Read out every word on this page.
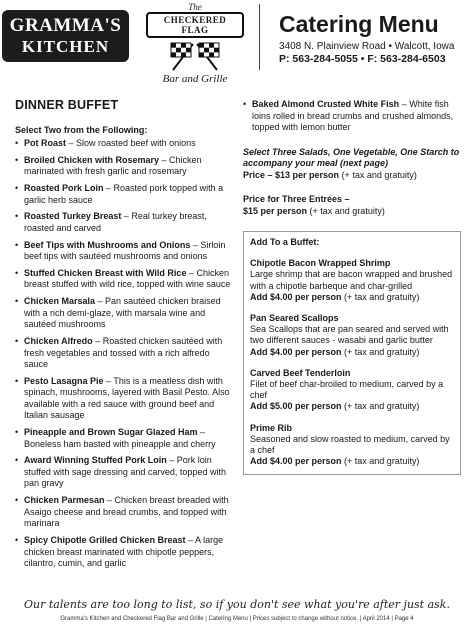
GRAMMA'S
KITCHEN
The
CHECKERED FLAG
Bar and Grille
Catering Menu
3408 N. Plainview Road • Walcott, Iowa
P: 563-284-5055 • F: 563-284-6503
DINNER BUFFET
Select Two from the Following:
• Pot Roast – Slow roasted beef with onions
• Broiled Chicken with Rosemary – Chicken marinated with fresh garlic and rosemary
• Roasted Pork Loin – Roasted pork topped with a garlic herb sauce
• Roasted Turkey Breast – Real turkey breast, roasted and carved
• Beef Tips with Mushrooms and Onions – Sirloin beef tips with sautéed mushrooms and onions
• Stuffed Chicken Breast with Wild Rice – Chicken breast stuffed with wild rice, topped with wine sauce
• Chicken Marsala – Pan sautéed chicken braised with a rich demi-glaze, with marsala wine and sautéed mushrooms
• Chicken Alfredo – Roasted chicken sautéed with fresh vegetables and tossed with a rich alfredo sauce
• Pesto Lasagna Pie – This is a meatless dish with spinach, mushrooms, layered with Basil Pesto. Also available with a red sauce with ground beef and Italian sausage
• Pineapple and Brown Sugar Glazed Ham – Boneless ham basted with pineapple and cherry
• Award Winning Stuffed Pork Loin – Pork loin stuffed with sage dressing and carved, topped with pan gravy
• Chicken Parmesan – Chicken breast breaded with Asaigo cheese and bread crumbs, and topped with marinara
• Spicy Chipotle Grilled Chicken Breast – A large chicken breast marinated with chipotle peppers, cilantro, cumin, and garlic
• Baked Almond Crusted White Fish – White fish loins rolled in bread crumbs and crushed almonds, topped with lemon butter
Select Three Salads, One Vegetable, One Starch to accompany your meal (next page)
Price – $13 per person (+ tax and gratuity)
Price for Three Entrées –
$15 per person (+ tax and gratuity)
Add To a Buffet:
Chipotle Bacon Wrapped Shrimp
Large shrimp that are bacon wrapped and brushed with a chipotle barbeque and char-grilled
Add $4.00 per person (+ tax and gratuity)
Pan Seared Scallops
Sea Scallops that are pan seared and served with two different sauces - wasabi and garlic butter
Add $4.00 per person (+ tax and gratuity)
Carved Beef Tenderloin
Filet of beef char-broiled to medium, carved by a chef
Add $5.00 per person (+ tax and gratuity)
Prime Rib
Seasoned and slow roasted to medium, carved by a chef
Add $4.00 per person (+ tax and gratuity)
Our talents are too long to list, so if you don't see what you're after just ask.
Gramma's Kitchen and Checkered Flag Bar and Grille | Catering Menu | Prices subject to change without notice. | April 2014 | Page 4
